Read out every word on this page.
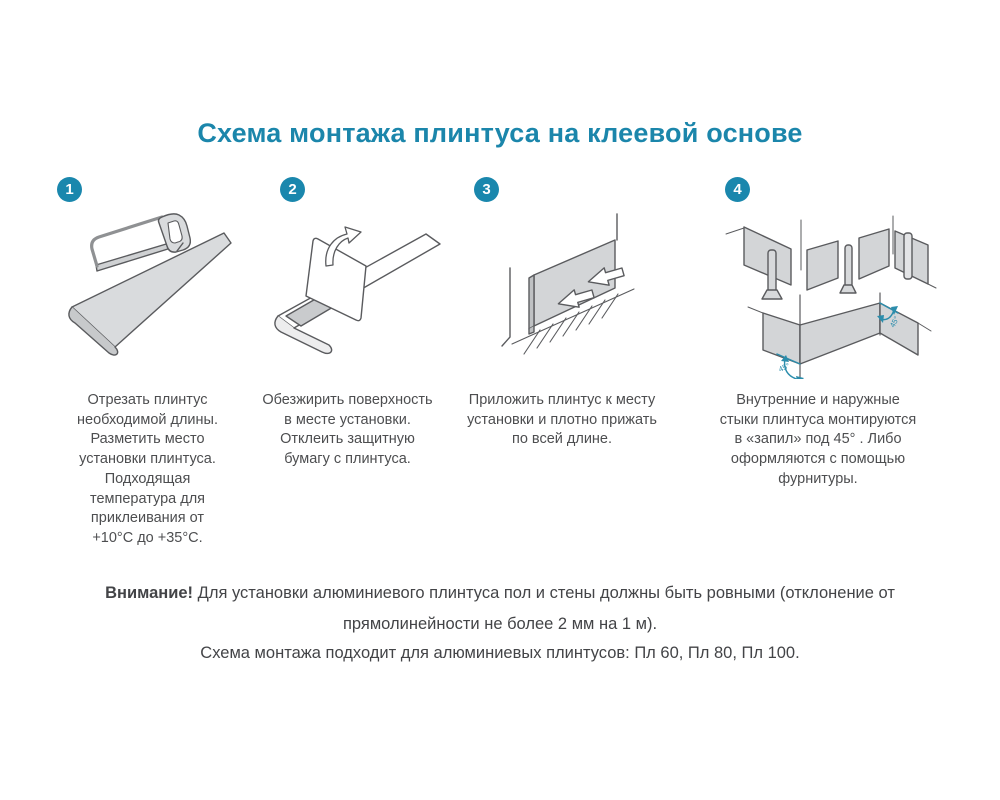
Схема монтажа плинтуса на клеевой основе
1
Отрезать плинтус необходимой длины. Разметить место установки плинтуса. Подходящая температура для приклеивания от +10°С до +35°С.
2
Обезжирить поверхность в месте установки. Отклеить защитную бумагу с плинтуса.
3
Приложить плинтус к месту установки и плотно прижать по всей длине.
4
45°
45°
Внутренние и наружные стыки плинтуса монтируются в «запил» под 45° . Либо оформляются с помощью фурнитуры.
Внимание! Для установки алюминиевого плинтуса пол и стены должны быть ровными (отклонение от прямолинейности не более 2 мм на 1 м).
Схема монтажа подходит для алюминиевых плинтусов: Пл 60, Пл 80, Пл 100.
